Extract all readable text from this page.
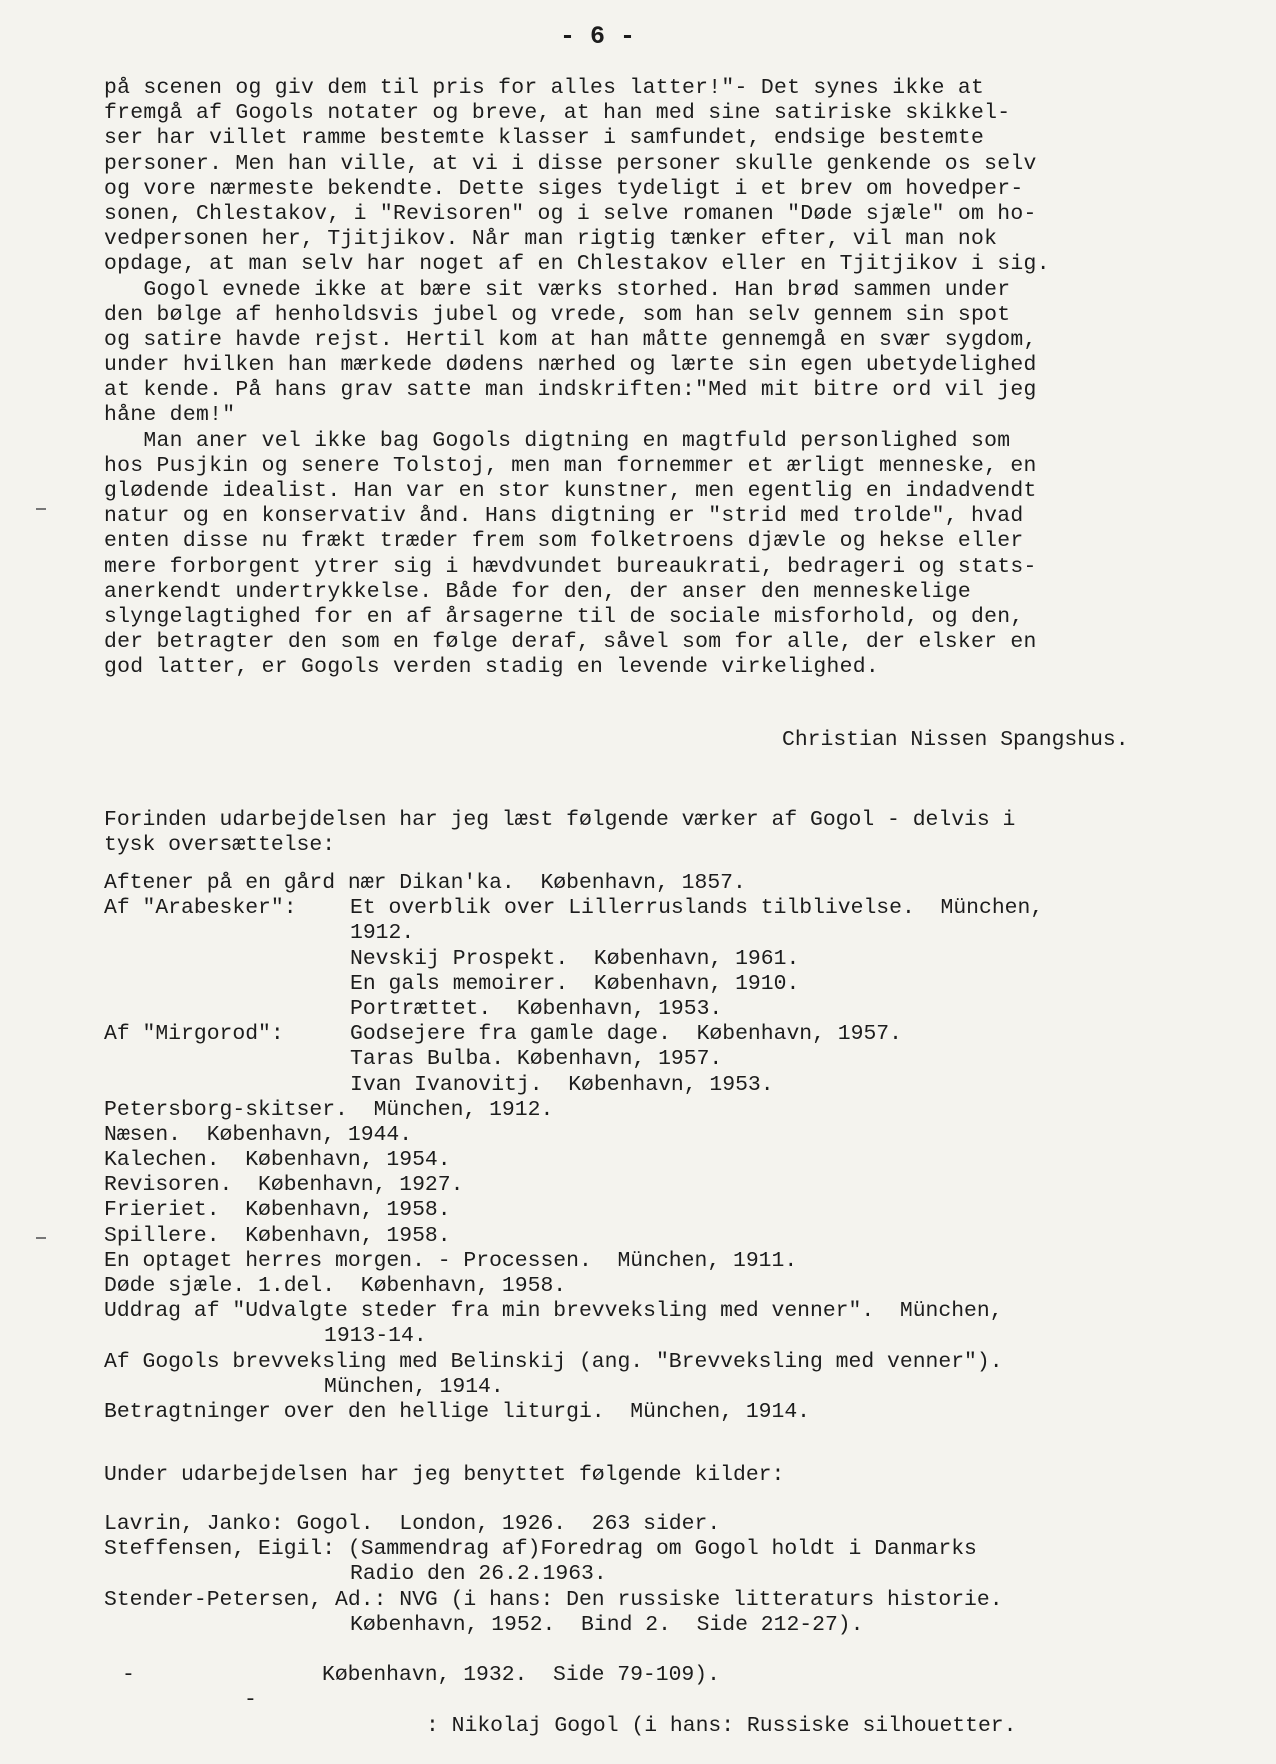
- 6 -
på scenen og giv dem til pris for alles latter!"- Det synes ikke at
fremgå af Gogols notater og breve, at han med sine satiriske skikkel-
ser har villet ramme bestemte klasser i samfundet, endsige bestemte
personer. Men han ville, at vi i disse personer skulle genkende os selv
og vore nærmeste bekendte. Dette siges tydeligt i et brev om hovedper-
sonen, Chlestakov, i "Revisoren" og i selve romanen "Døde sjæle" om ho-
vedpersonen her, Tjitjikov. Når man rigtig tænker efter, vil man nok
opdage, at man selv har noget af en Chlestakov eller en Tjitjikov i sig.
Gogol evnede ikke at bære sit værks storhed. Han brød sammen under
den bølge af henholdsvis jubel og vrede, som han selv gennem sin spot
og satire havde rejst. Hertil kom at han måtte gennemgå en svær sygdom,
under hvilken han mærkede dødens nærhed og lærte sin egen ubetydelighed
at kende. På hans grav satte man indskriften:"Med mit bitre ord vil jeg
håne dem!"
Man aner vel ikke bag Gogols digtning en magtfuld personlighed som
hos Pusjkin og senere Tolstoj, men man fornemmer et ærligt menneske, en
glødende idealist. Han var en stor kunstner, men egentlig en indadvendt
natur og en konservativ ånd. Hans digtning er "strid med trolde", hvad
enten disse nu frækt træder frem som folketroens djævle og hekse eller
mere forborgent ytrer sig i hævdvundet bureaukrati, bedrageri og stats-
anerkendt undertrykkelse. Både for den, der anser den menneskelige
slyngelagtighed for en af årsagerne til de sociale misforhold, og den,
der betragter den som en følge deraf, såvel som for alle, der elsker en
god latter, er Gogols verden stadig en levende virkelighed.
Christian Nissen Spangshus.
Forinden udarbejdelsen har jeg læst følgende værker af Gogol - delvis i
tysk oversættelse:
Aftener på en gård nær Dikan'ka.  København, 1857.
Af "Arabesker": Et overblik over Lillerruslands tilblivelse.  München,
1912.
Nevskij Prospekt.  København, 1961.
En gals memoirer.  København, 1910.
Portrættet.  København, 1953.
Af "Mirgorod":	Godsejere fra gamle dage.  København, 1957.
Taras Bulba. København, 1957.
Ivan Ivanovitj.  København, 1953.
Petersborg-skitser.  München, 1912.
Næsen.  København, 1944.
Kalechen.  København, 1954.
Revisoren.  København, 1927.
Frieriet.  København, 1958.
Spillere.  København, 1958.
En optaget herres morgen. - Processen.  München, 1911.
Døde sjæle. 1.del.  København, 1958.
Uddrag af "Udvalgte steder fra min brevveksling med venner".  München,
1913-14.
Af Gogols brevveksling med Belinskij (ang. "Brevveksling med venner").
München, 1914.
Betragtninger over den hellige liturgi.  München, 1914.
Under udarbejdelsen har jeg benyttet følgende kilder:
Lavrin, Janko: Gogol.  London, 1926.  263 sider.
Steffensen, Eigil: (Sammendrag af)Foredrag om Gogol holdt i Danmarks
Radio den 26.2.1963.
Stender-Petersen, Ad.: NVG (i hans: Den russiske litteraturs historie.
København, 1952.  Bind 2.  Side 212-27).

-

-

: Nikolaj Gogol (i hans: Russiske silhouetter.

København, 1932.  Side 79-109).
